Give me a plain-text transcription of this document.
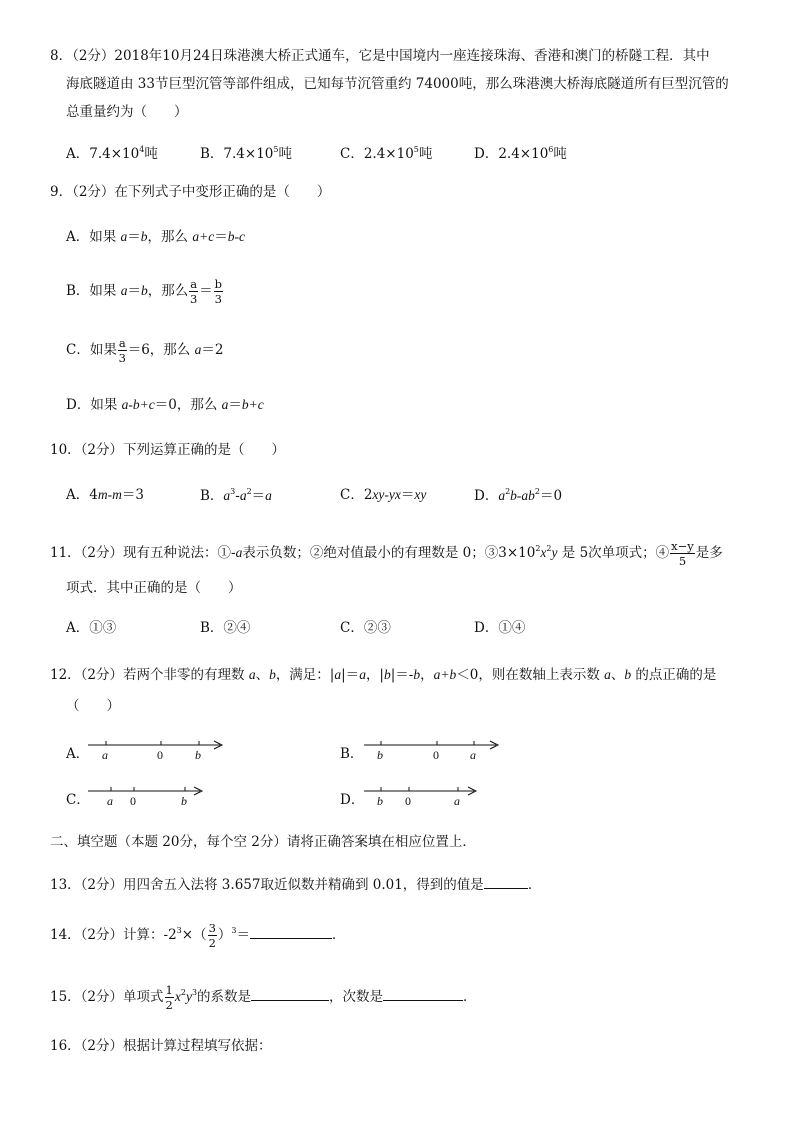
8．（2分）2018年10月24日珠港澳大桥正式通车，它是中国境内一座连接珠海、香港和澳门的桥隧工程．其中
海底隧道由 33节巨型沉管等部件组成，已知每节沉管重约 74000吨，那么珠港澳大桥海底隧道所有巨型沉管的
总重量约为（　　）
A．$7.4\times 10^4$吨	B．$7.4\times 10^5$吨	C．$2.4\times 10^5$吨	D．$2.4\times 10^6$吨
9．（2分）在下列式子中变形正确的是（　　）
A．如果 a＝b，那么 a+c＝b-c
B．如果 a＝b，那么 $\frac{a}{3} = \frac{b}{3}$
C．如果 $\frac{a}{3} =6$，那么 a＝2
D．如果 a-b+c＝0，那么 a＝b+c
10．（2分）下列运算正确的是（　　）
A．4m-m＝3	B．$a^3-a^2=a$	C．2xy-yx＝xy	D．$a^2b-ab^2=0$
11．（2分）现有五种说法：①-a表示负数；②绝对值最小的有理数是 0；$③3\times 10^2x^2y$ 是 5次单项式；④ $\frac{x-y}{5}$ 是多
项式．其中正确的是（　　）
A．①③	B．②④	C．②③	D．①④
12．（2分）若两个非零的有理数 a、b，满足：|a|＝a，|b|＝-b，a+b＜0，则在数轴上表示数 a、b 的点正确的是
（　　）
A． a	0	b	B． b	0	a
C． a 0	b	D． b 0	a
二、填空题（本题 20分，每个空 2分）请将正确答案填在相应位置上．
13．（2分）用四舍五入法将 3.657取近似数并精确到 0.01，得到的值是	．
14．（2分）计算：$-2^3\times( \frac{3}{2} )^3=$	．
15．（2分）单项式 $\frac{1}{2} x^2y^3$的系数是	，次数是	．
16．（2分）根据计算过程填写依据：
